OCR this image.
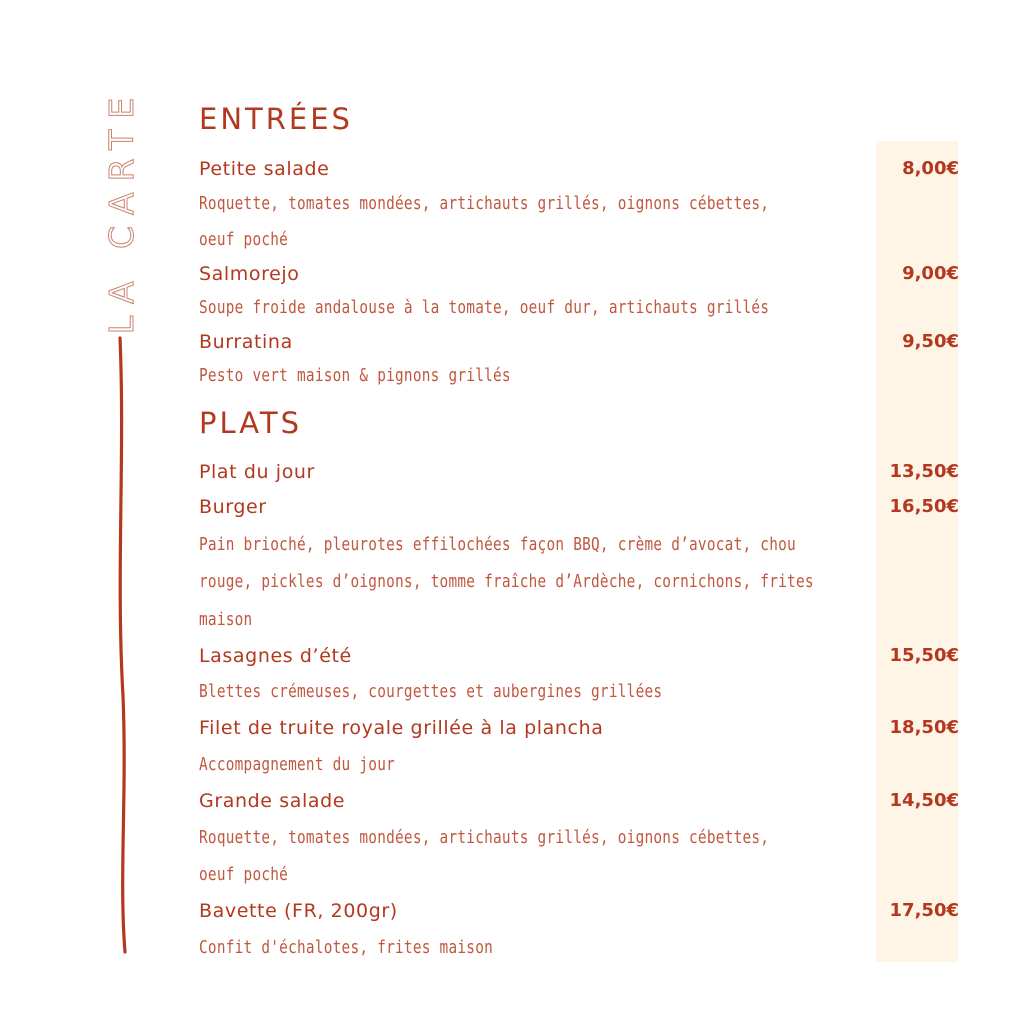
LA CARTE ENTRÉES
Petite salade	8,00€
Roquette, tomates mondées, artichauts grillés, oignons cébettes,
oeuf poché
Salmorejo	9,00€
Soupe froide andalouse à la tomate, oeuf dur, artichauts grillés
Burratina	9,50€
Pesto vert maison & pignons grillés
PLATS
Plat du jour	13,50€
Burger	16,50€
Pain brioché, pleurotes effilochées façon BBQ, crème d’avocat, chou
rouge, pickles d’oignons, tomme fraîche d’Ardèche, cornichons, frites
maison
Lasagnes d’été	15,50€
Blettes crémeuses, courgettes et aubergines grillées
Filet de truite royale grillée à la plancha	18,50€
Accompagnement du jour
Grande salade	14,50€
Roquette, tomates mondées, artichauts grillés, oignons cébettes,
oeuf poché
Bavette (FR, 200gr)	17,50€
Confit d'échalotes, frites maison
